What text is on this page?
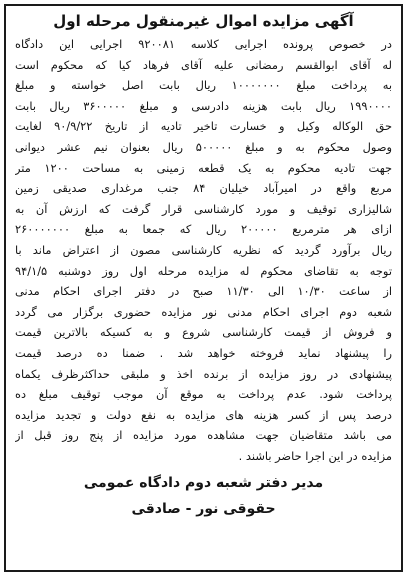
آگهی مزایده اموال غیرمنقول مرحله اول
در خصوص پرونده اجرایی کلاسه ۹۲۰۰۸۱ اجرایی این دادگاه
له آقای ابوالقسم رمضانی علیه آقای فرهاد کیا که محکوم است
به پرداخت مبلغ ۱۰۰۰۰۰۰۰ ریال بابت اصل خواسته و مبلغ
۱۹۹۰۰۰۰ ریال بابت هزینه دادرسی و مبلغ ۳۶۰۰۰۰۰ ریال بابت
حق الوکاله وکیل و خسارت تاخیر تادیه از تاریخ ۹۰/۹/۲۲ لغایت
وصول محکوم به و مبلغ ۵۰۰۰۰۰ ریال بعنوان نیم عشر دیوانی
جهت تادیه محکوم به یک قطعه زمینی به مساحت ۱۲۰۰ متر
مربع واقع در امیرآباد خیلیان ۸۴ جنب مرغداری صدیقی زمین
شالیزاری توقیف و مورد کارشناسی قرار گرفت که ارزش آن به
ازای هر مترمربع ۲۰۰۰۰۰ ریال که جمعا به مبلغ ۲۶۰۰۰۰۰۰۰
ریال برآورد گردید که نظریه کارشناسی مصون از اعتراض ماند با
توجه به تقاضای محکوم له مزایده مرحله اول روز دوشنبه ۹۴/۱/۵
از ساعت ۱۰/۳۰ الی ۱۱/۳۰ صبح در دفتر اجرای احکام مدنی
شعبه دوم اجرای احکام مدنی نور مزایده حضوری برگزار می گردد
و فروش از قیمت کارشناسی شروع و به کسیکه بالاترین قیمت
را پیشنهاد نماید فروخته خواهد شد . ضمنا ده درصد قیمت
پیشنهادی در روز مزایده از برنده اخذ و ملبقی حداکثرظرف یکماه
پرداخت شود. عدم پرداخت به موقع آن موجب توقیف مبلغ ده
درصد پس از کسر هزینه های مزایده به نفع دولت و تجدید مزایده
می باشد متقاضیان جهت مشاهده مورد مزایده از پنج روز قبل از
مزایده در این اجرا حاضر باشند .
مدیر دفتر شعبه دوم دادگاه عمومی
حقوقی نور - صادقی
